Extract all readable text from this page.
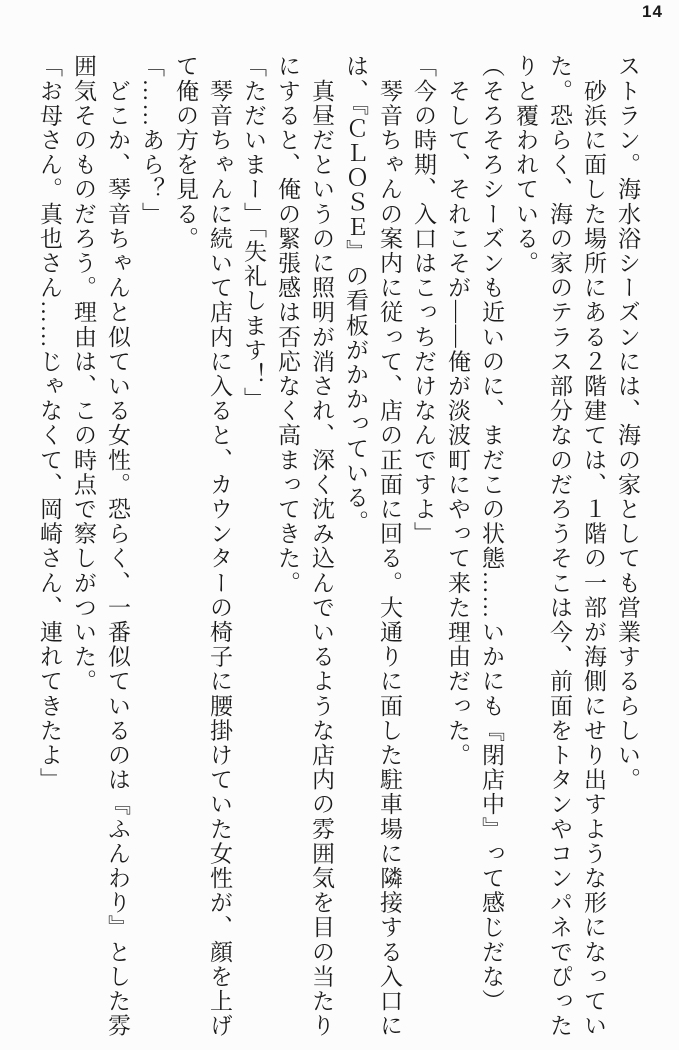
14

ストラン。海水浴シーズンには、海の家としても営業するらしい。

　砂浜に面した場所にある２階建ては、１階の一部が海側にせり出すような形になってい

た。恐らく、海の家のテラス部分なのだろうそこは今、前面をトタンやコンパネでぴった

りと覆われている。

（そろそろシーズンも近いのに、まだこの状態……いかにも『閉店中』って感じだな）

　そして、それこそが――俺が淡波町にやって来た理由だった。

「今の時期、入口はこっちだけなんですよ」

　琴音ちゃんの案内に従って、店の正面に回る。大通りに面した駐車場に隣接する入口に

は、『ＣＬＯＳＥ』の看板がかかっている。

　真昼だというのに照明が消され、深く沈み込んでいるような店内の雰囲気を目の当たり

にすると、俺の緊張感は否応なく高まってきた。

「ただいまー」「失礼します！」

　琴音ちゃんに続いて店内に入ると、カウンターの椅子に腰掛けていた女性が、顔を上げ

て俺の方を見る。

「……あら？」

　どこか、琴音ちゃんと似ている女性。恐らく、一番似ているのは『ふんわり』とした雰

囲気そのものだろう。理由は、この時点で察しがついた。

「お母さん。真也さん……じゃなくて、岡崎さん、連れてきたよ」
